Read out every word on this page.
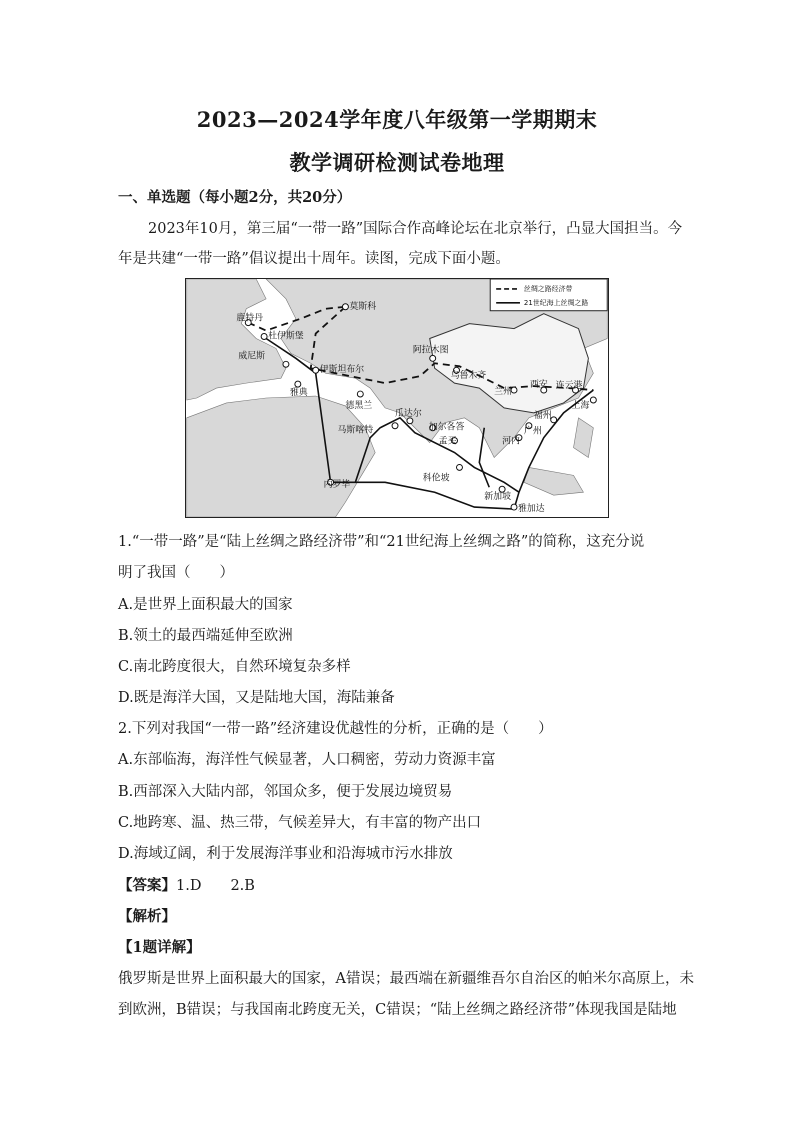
2023—2024学年度八年级第一学期期末
教学调研检测试卷地理
一、单选题（每小题2分，共20分）
2023年10月，第三届“一带一路”国际合作高峰论坛在北京举行，凸显大国担当。今
年是共建“一带一路”倡议提出十周年。读图，完成下面小题。
丝绸之路经济带
21世纪海上丝绸之路
鹿特丹
杜伊斯堡
莫斯科
威尼斯
伊斯坦布尔
雅典
阿拉木图
乌鲁木齐
兰州
西安 连云港
上海
福州
广州
德黑兰
瓜达尔
马斯喀特	加尔各答
孟买	河内
科伦坡
内罗毕
新加坡
雅加达
1.“一带一路”是“陆上丝绸之路经济带”和“21世纪海上丝绸之路”的简称，这充分说
明了我国（　　）
A.是世界上面积最大的国家
B.领土的最西端延伸至欧洲
C.南北跨度很大，自然环境复杂多样
D.既是海洋大国，又是陆地大国，海陆兼备
2.下列对我国“一带一路”经济建设优越性的分析，正确的是（　　）
A.东部临海，海洋性气候显著，人口稠密，劳动力资源丰富
B.西部深入大陆内部，邻国众多，便于发展边境贸易
C.地跨寒、温、热三带，气候差异大，有丰富的物产出口
D.海域辽阔，利于发展海洋事业和沿海城市污水排放
【答案】1.D　　2.B
【解析】
【1题详解】
俄罗斯是世界上面积最大的国家，A错误；最西端在新疆维吾尔自治区的帕米尔高原上，未
到欧洲，B错误；与我国南北跨度无关，C错误；“陆上丝绸之路经济带”体现我国是陆地
